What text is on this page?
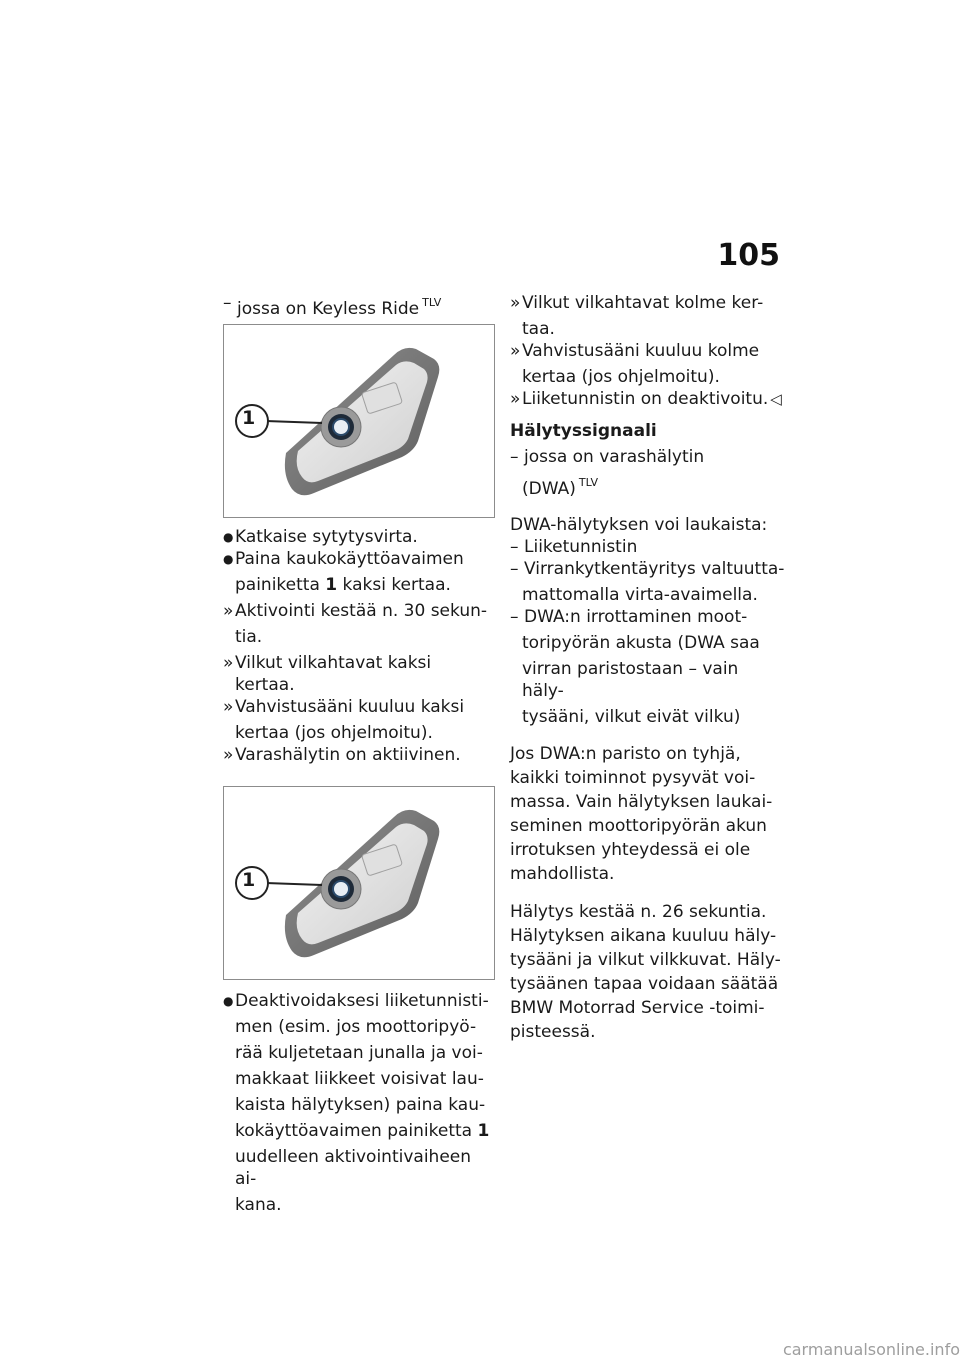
105
– jossa on Keyless Ride $^{TLV}$
1
● Katkaise sytytysvirta.
● Paina kaukokäyttöavaimen
painiketta 1 kaksi kertaa.
» Aktivointi kestää n. 30 sekun-
tia.
» Vilkut vilkahtavat kaksi kertaa.
» Vahvistusääni kuuluu kaksi
kertaa (jos ohjelmoitu).
» Varashälytin on aktiivinen.
1
● Deaktivoidaksesi liiketunnisti-
men (esim. jos moottoripyö-
rää kuljetetaan junalla ja voi-
makkaat liikkeet voisivat lau-
kaista hälytyksen) paina kau-
kokäyttöavaimen painiketta 1
uudelleen aktivointivaiheen ai-
kana.
» Vilkut vilkahtavat kolme ker-
taa.
» Vahvistusääni kuuluu kolme
kertaa (jos ohjelmoitu).
» Liiketunnistin on deaktivoitu. ◁
Hälytyssignaali
– jossa on varashälytin
(DWA) $^{TLV}$
DWA-hälytyksen voi laukaista:
– Liiketunnistin
– Virrankytkentäyritys valtuutta-
mattomalla virta-avaimella.
– DWA:n irrottaminen moot-
toripyörän akusta (DWA saa
virran paristostaan – vain häly-
tysääni, vilkut eivät vilku)
Jos DWA:n paristo on tyhjä,
kaikki toiminnot pysyvät voi-
massa. Vain hälytyksen laukai-
seminen moottoripyörän akun
irrotuksen yhteydessä ei ole
mahdollista.
Hälytys kestää n. 26 sekuntia.
Hälytyksen aikana kuuluu häly-
tysääni ja vilkut vilkkuvat. Häly-
tysäänen tapaa voidaan säätää
BMW Motorrad Service -toimi-
pisteessä.
carmanualsonline.info
